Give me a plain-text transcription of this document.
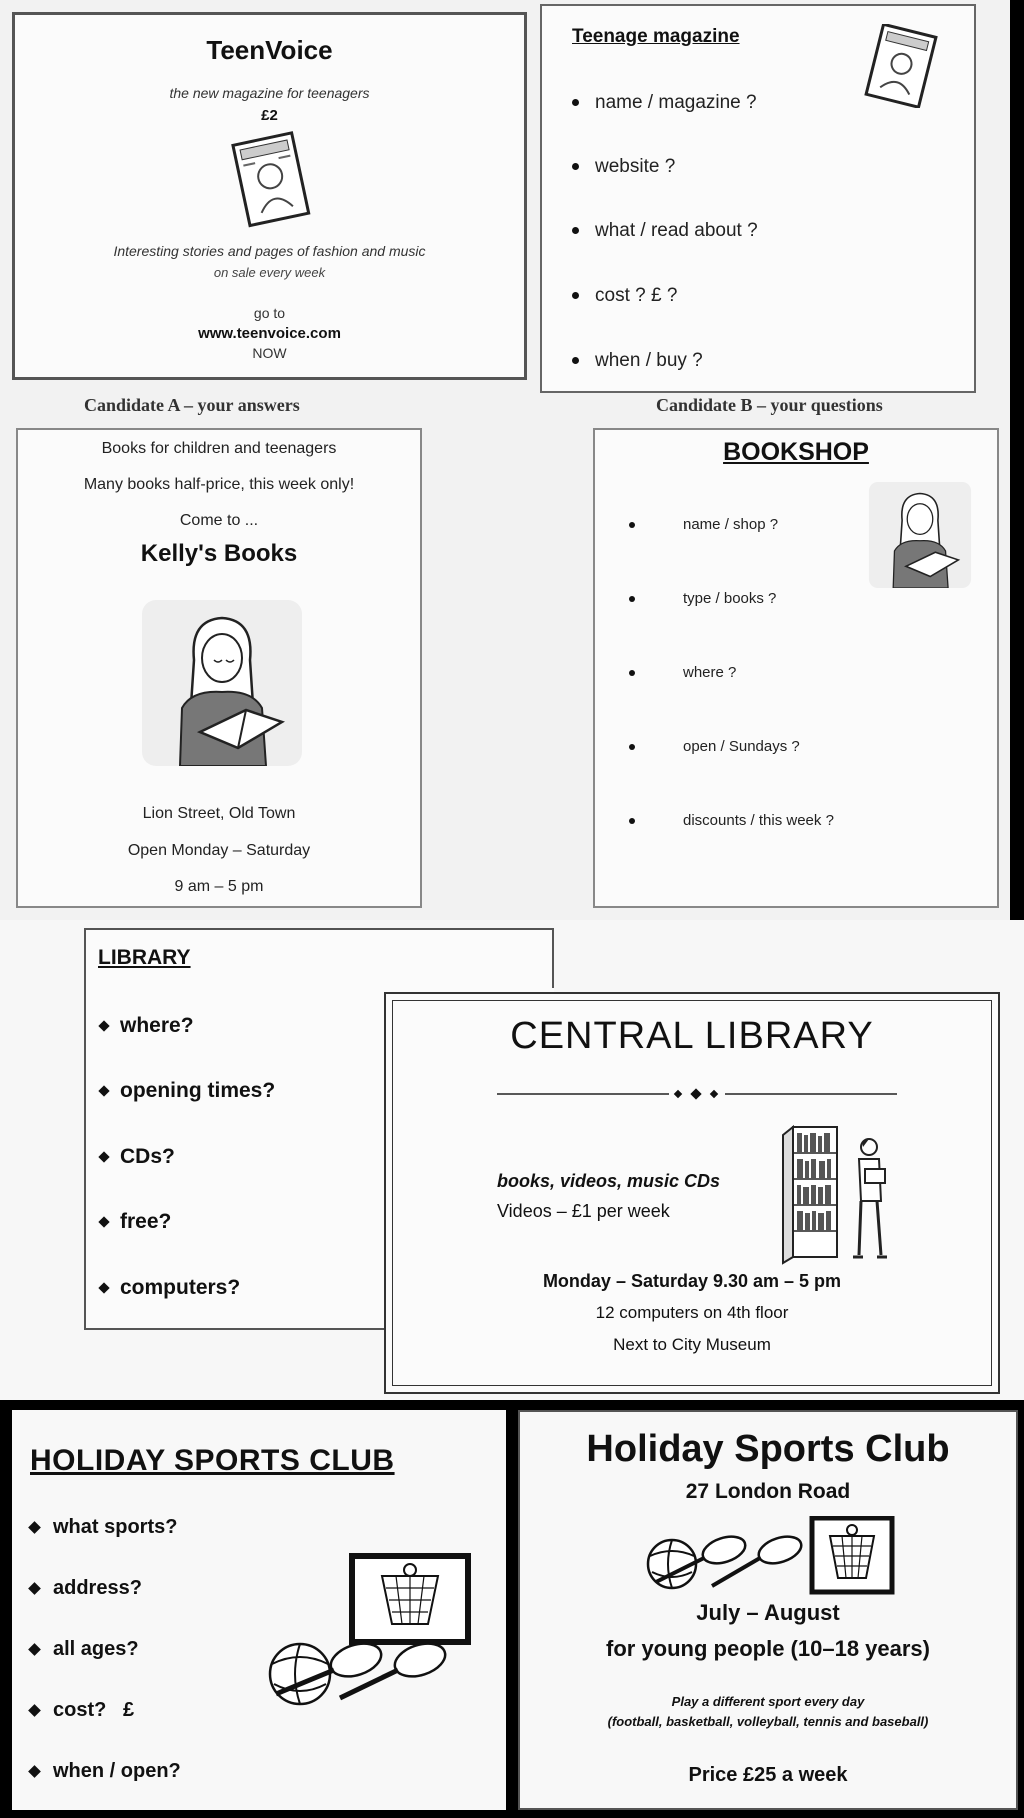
TeenVoice
the new magazine for teenagers
£2
Interesting stories and pages of fashion and music
on sale every week
go to
www.teenvoice.com
NOW
Teenage magazine
name / magazine ?
website ?
what / read about ?
cost ? £ ?
when / buy ?
Candidate A – your answers	Candidate B – your questions
Books for children and teenagers
Many books half-price, this week only!
Come to ...
Kelly's Books
Lion Street, Old Town
Open Monday – Saturday
9 am – 5 pm
BOOKSHOP
name / shop ?
type / books ?
where ?
open / Sundays ?
discounts / this week ?
LIBRARY
where?
opening times?
CDs?
free?
computers?
CENTRAL LIBRARY
books, videos, music CDs
Videos – £1 per week
Monday – Saturday 9.30 am – 5 pm
12 computers on 4th floor
Next to City Museum
HOLIDAY SPORTS CLUB
what sports?
address?
all ages?
cost?   £
when / open?
Holiday Sports Club
27 London Road
July – August
for young people (10–18 years)
Play a different sport every day
(football, basketball, volleyball, tennis and baseball)
Price £25 a week
